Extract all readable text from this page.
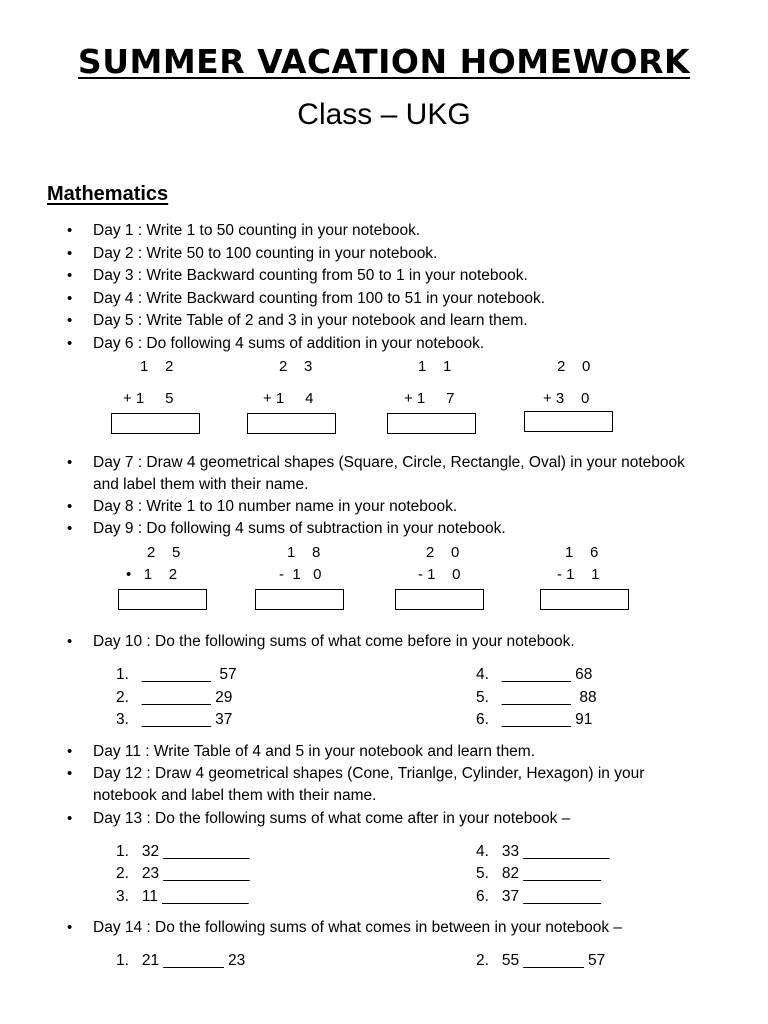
SUMMER VACATION HOMEWORK
Class – UKG
Mathematics
• Day 1 : Write 1 to 50 counting in your notebook.
• Day 2 : Write 50 to 100 counting in your notebook.
• Day 3 : Write Backward counting from 50 to 1 in your notebook.
• Day 4 : Write Backward counting from 100 to 51 in your notebook.
• Day 5 : Write Table of 2 and 3 in your notebook and learn them.
• Day 6 : Do following 4 sums of addition in your notebook.
1    2
+ 1     5
2    3
+ 1     4
1    1
+ 1     7
2    0
+ 3    0
• Day 7 : Draw 4 geometrical shapes (Square, Circle, Rectangle, Oval) in your notebook
and label them with their name.
• Day 8 : Write 1 to 10 number name in your notebook.
• Day 9 : Do following 4 sums of subtraction in your notebook.
2    5
•   1    2
1    8
-  1   0
2    0
- 1    0
1    6
- 1    1
• Day 10 : Do the following sums of what come before in your notebook.
1.   ________  57
2.   ________ 29
3.   ________ 37
4.   ________ 68
5.   ________  88
6.   ________ 91
• Day 11 : Write Table of 4 and 5 in your notebook and learn them.
• Day 12 : Draw 4 geometrical shapes (Cone, Trianlge, Cylinder, Hexagon) in your
notebook and label them with their name.
• Day 13 : Do the following sums of what come after in your notebook –
1.   32 __________
2.   23 __________
3.   11 __________
4.   33 __________
5.   82 _________
6.   37 _________
• Day 14 : Do the following sums of what comes in between in your notebook –
1.   21 _______ 23	2.   55 _______ 57
